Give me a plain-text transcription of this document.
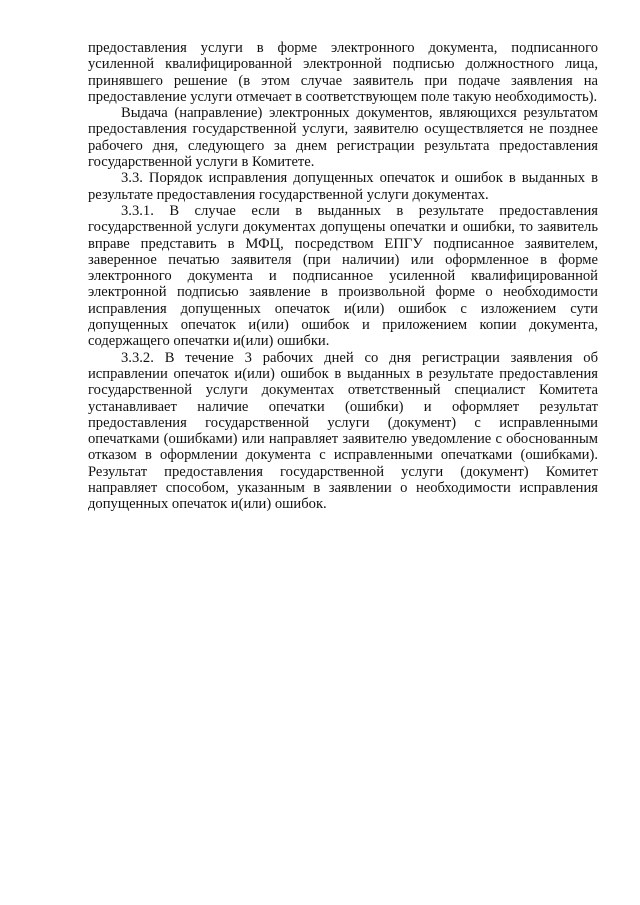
предоставления услуги в форме электронного документа, подписанного усиленной квалифицированной электронной подписью должностного лица, принявшего решение (в этом случае заявитель при подаче заявления на предоставление услуги отмечает в соответствующем поле такую необходимость).

Выдача (направление) электронных документов, являющихся результатом предоставления государственной услуги, заявителю осуществляется не позднее рабочего дня, следующего за днем регистрации результата предоставления государственной услуги в Комитете.

3.3. Порядок исправления допущенных опечаток и ошибок в выданных в результате предоставления государственной услуги документах.

3.3.1. В случае если в выданных в результате предоставления государственной услуги документах допущены опечатки и ошибки, то заявитель вправе представить в МФЦ, посредством ЕПГУ подписанное заявителем, заверенное печатью заявителя (при наличии) или оформленное в форме электронного документа и подписанное усиленной квалифицированной электронной подписью заявление в произвольной форме о необходимости исправления допущенных опечаток и(или) ошибок с изложением сути допущенных опечаток и(или) ошибок и приложением копии документа, содержащего опечатки и(или) ошибки.

3.3.2. В течение 3 рабочих дней со дня регистрации заявления об исправлении опечаток и(или) ошибок в выданных в результате предоставления государственной услуги документах ответственный специалист Комитета устанавливает наличие опечатки (ошибки) и оформляет результат предоставления государственной услуги (документ) с исправленными опечатками (ошибками) или направляет заявителю уведомление с обоснованным отказом в оформлении документа с исправленными опечатками (ошибками). Результат предоставления государственной услуги (документ) Комитет направляет способом, указанным в заявлении о необходимости исправления допущенных опечаток и(или) ошибок.
